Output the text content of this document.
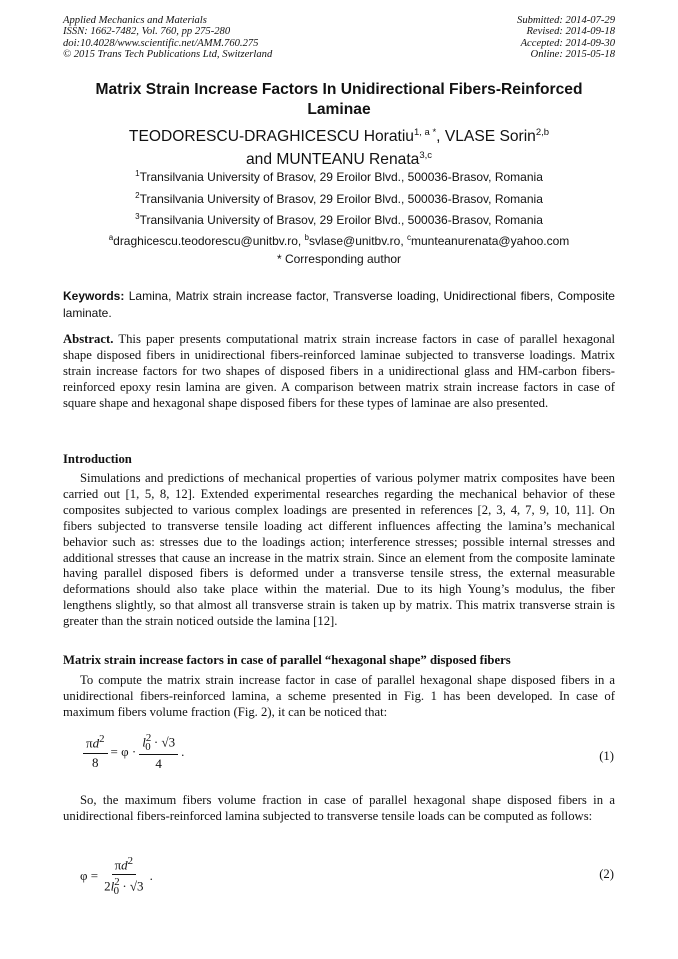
Applied Mechanics and Materials
ISSN: 1662-7482, Vol. 760, pp 275-280
doi:10.4028/www.scientific.net/AMM.760.275
© 2015 Trans Tech Publications Ltd, Switzerland
Submitted: 2014-07-29
Revised: 2014-09-18
Accepted: 2014-09-30
Online: 2015-05-18
Matrix Strain Increase Factors In Unidirectional Fibers-Reinforced Laminae
TEODORESCU-DRAGHICESCU Horatiu$^{1, a *}$, VLASE Sorin$^{2,b}$
and MUNTEANU Renata$^{3,c}$
$^1$Transilvania University of Brasov, 29 Eroilor Blvd., 500036-Brasov, Romania
$^2$Transilvania University of Brasov, 29 Eroilor Blvd., 500036-Brasov, Romania
$^3$Transilvania University of Brasov, 29 Eroilor Blvd., 500036-Brasov, Romania
$^a$draghicescu.teodorescu@unitbv.ro, $^b$svlase@unitbv.ro, $^c$munteanurenata@yahoo.com
* Corresponding author
Keywords: Lamina, Matrix strain increase factor, Transverse loading, Unidirectional fibers, Composite laminate.
Abstract. This paper presents computational matrix strain increase factors in case of parallel hexagonal shape disposed fibers in unidirectional fibers-reinforced laminae subjected to transverse loadings. Matrix strain increase factors for two shapes of disposed fibers in a unidirectional glass and HM-carbon fibers-reinforced epoxy resin lamina are given. A comparison between matrix strain increase factors in case of square shape and hexagonal shape disposed fibers for these types of laminae are also presented.
Introduction
Simulations and predictions of mechanical properties of various polymer matrix composites have been carried out [1, 5, 8, 12]. Extended experimental researches regarding the mechanical behavior of these composites subjected to various complex loadings are presented in references [2, 3, 4, 7, 9, 10, 11]. On fibers subjected to transverse tensile loading act different influences affecting the lamina’s mechanical behavior such as: stresses due to the loadings action; interference stresses; possible internal stresses and additional stresses that cause an increase in the matrix strain. Since an element from the composite laminate having parallel disposed fibers is deformed under a transverse tensile stress, the external measurable deformations should also take place within the material. Due to its high Young’s modulus, the fiber lengthens slightly, so that almost all transverse strain is taken up by matrix. This matrix transverse strain is greater than the strain noticed outside the lamina [12].
Matrix strain increase factors in case of parallel “hexagonal shape” disposed fibers
To compute the matrix strain increase factor in case of parallel hexagonal shape disposed fibers in a unidirectional fibers-reinforced lamina, a scheme presented in Fig. 1 has been developed. In case of maximum fibers volume fraction (Fig. 2), it can be noticed that:
$\frac{\pi d^2}{8}$ =
φ
· $\frac{l^2_0 \cdot √3}{4}$ .	(1)
So, the maximum fibers volume fraction in case of parallel hexagonal shape disposed fibers in a unidirectional fibers-reinforced lamina subjected to transverse tensile loads can be computed as follows:
φ
= $\frac{\pi d^2}{2l^2_0 \cdot √3}$ .	(2)
